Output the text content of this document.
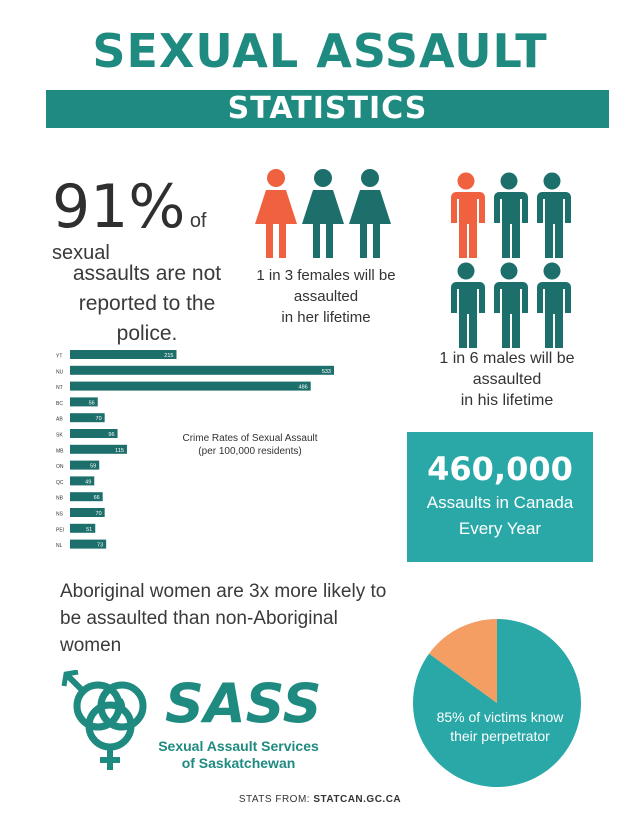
SEXUAL ASSAULT
STATISTICS
91% of sexual
assaults are not reported to the police.
1 in 3 females will be assaulted
in her lifetime
1 in 6 males will be assaulted
in his lifetime
YT	215
NU	533
NT	486
BC	56
AB	70
SK	96
MB	115
ON	59
QC	49
NB	66
NS	70
PEI	51
NL	73
Crime Rates of Sexual Assault
(per 100,000 residents)	460,000
Assaults in Canada
Every Year
Aboriginal women are 3x more likely to
be assaulted than non-Aboriginal women
85% of victims know
their perpetrator
SASS
Sexual Assault Services
of Saskatchewan
STATS FROM: STATCAN.GC.CA
